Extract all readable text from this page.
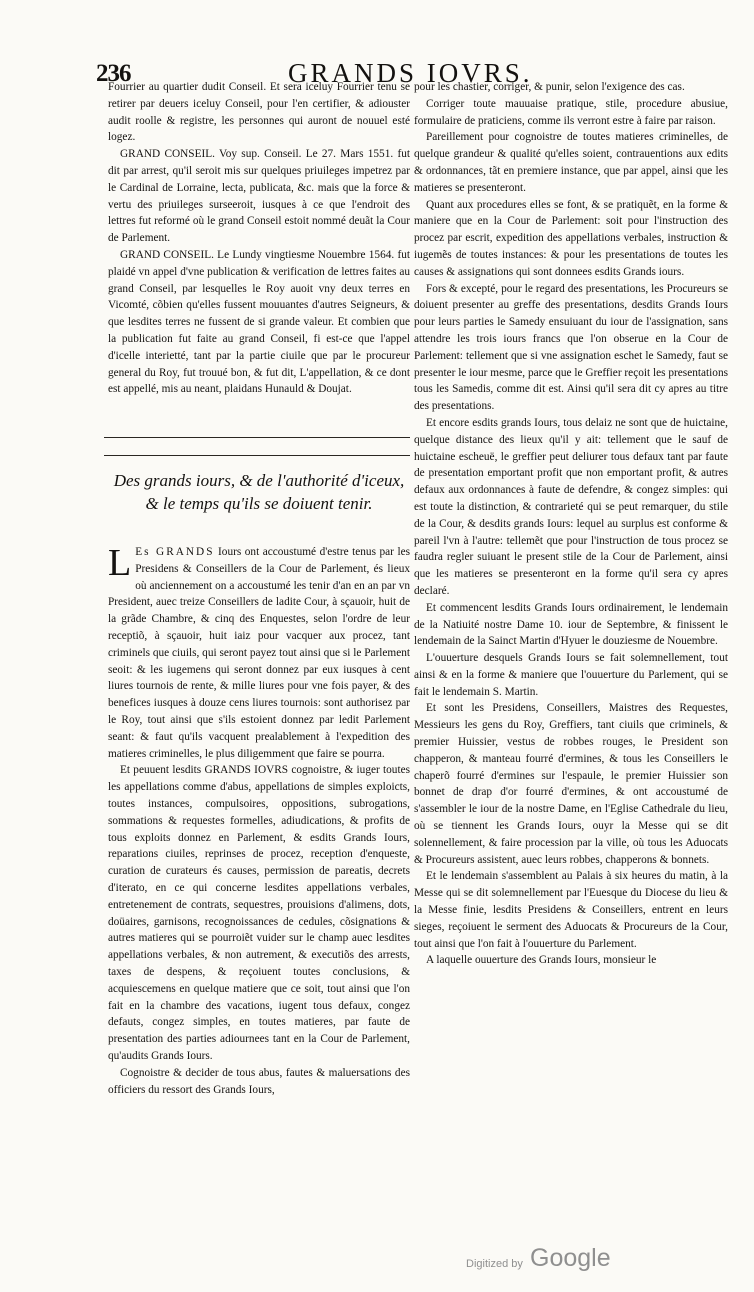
236	GRANDS IOVRS.

Fourrier au quartier dudit Conseil. Et sera iceluy Fourrier tenu se retirer par deuers iceluy Conseil, pour l'en certifier, & adiouster audit roolle & registre, les personnes qui auront de nouuel esté logez.

GRAND CONSEIL. Voy sup. Conseil. Le 27. Mars 1551. fut dit par arrest, qu'il seroit mis sur quelques priuileges impetrez par le Cardinal de Lorraine, lecta, publicata, &c. mais que la force & vertu des priuileges surseeroit, iusques à ce que l'endroit des lettres fut reformé où le grand Conseil estoit nommé deuãt la Cour de Parlement.

GRAND CONSEIL. Le Lundy vingtiesme Nouembre 1564. fut plaidé vn appel d'vne publication & verification de lettres faites au grand Conseil, par lesquelles le Roy auoit vny deux terres en Vicomté, cõbien qu'elles fussent mouuantes d'autres Seigneurs, & que lesdites terres ne fussent de si grande valeur. Et combien que la publication fut faite au grand Conseil, fi est-ce que l'appel d'icelle interietté, tant par la partie ciuile que par le procureur general du Roy, fut trouué bon, & fut dit, L'appellation, & ce dont est appellé, mis au neant, plaidans Hunauld & Doujat.

Des grands iours, & de l'authorité d'iceux, & le temps qu'ils se doiuent tenir.

L Es GRANDS Iours ont accoustumé d'estre tenus par les Presidens & Conseillers de la Cour de Parlement, és lieux où anciennement on a accoustumé les tenir d'an en an par vn President, auec treize Conseillers de ladite Cour, à sçauoir, huit de la grãde Chambre, & cinq des Enquestes, selon l'ordre de leur receptiõ, à sçauoir, huit iaiz pour vacquer aux procez, tant criminels que ciuils, qui seront payez tout ainsi que si le Parlement seoit: & les iugemens qui seront donnez par eux iusques à cent liures tournois de rente, & mille liures pour vne fois payer, & des benefices iusques à douze cens liures tournois: sont authorisez par le Roy, tout ainsi que s'ils estoient donnez par ledit Parlement seant: & faut qu'ils vacquent prealablement à l'expedition des matieres criminelles, le plus diligemment que faire se pourra.

Et peuuent lesdits GRANDS IOVRS cognoistre, & iuger toutes les appellations comme d'abus, appellations de simples exploicts, toutes instances, compulsoires, oppositions, subrogations, sommations & requestes formelles, adiudications, & profits de tous exploits donnez en Parlement, & esdits Grands Iours, reparations ciuiles, reprinses de procez, reception d'enqueste, curation de curateurs és causes, permission de pareatis, decrets d'iterato, en ce qui concerne lesdites appellations verbales, entretenement de contrats, sequestres, prouisions d'alimens, dots, doüaires, garnisons, recognoissances de cedules, cõsignations & autres matieres qui se pourroiẽt vuider sur le champ auec lesdites appellations verbales, & non autrement, & executiõs des arrests, taxes de despens, & reçoiuent toutes conclusions, & acquiescemens en quelque matiere que ce soit, tout ainsi que l'on fait en la chambre des vacations, iugent tous defaux, congez defauts, congez simples, en toutes matieres, par faute de presentation des parties adiournees tant en la Cour de Parlement, qu'audits Grands Iours.

Cognoistre & decider de tous abus, fautes & maluersations des officiers du ressort des Grands Iours,

pour les chastier, corriger, & punir, selon l'exigence des cas.

Corriger toute mauuaise pratique, stile, procedure abusiue, formulaire de praticiens, comme ils verront estre à faire par raison.

Pareillement pour cognoistre de toutes matieres criminelles, de quelque grandeur & qualité qu'elles soient, contrauentions aux edits & ordonnances, tãt en premiere instance, que par appel, ainsi que les matieres se presenteront.

Quant aux procedures elles se font, & se pratiquẽt, en la forme & maniere que en la Cour de Parlement: soit pour l'instruction des procez par escrit, expedition des appellations verbales, instruction & iugemẽs de toutes instances: & pour les presentations de toutes les causes & assignations qui sont donnees esdits Grands iours.

Fors & excepté, pour le regard des presentations, les Procureurs se doiuent presenter au greffe des presentations, desdits Grands Iours pour leurs parties le Samedy ensuiuant du iour de l'assignation, sans attendre les trois iours francs que l'on obserue en la Cour de Parlement: tellement que si vne assignation eschet le Samedy, faut se presenter le iour mesme, parce que le Greffier reçoit les presentations tous les Samedis, comme dit est. Ainsi qu'il sera dit cy apres au titre des presentations.

Et encore esdits grands Iours, tous delaiz ne sont que de huictaine, quelque distance des lieux qu'il y ait: tellement que le sauf de huictaine escheuë, le greffier peut deliurer tous defaux tant par faute de presentation emportant profit que non emportant profit, & autres defaux aux ordonnances à faute de defendre, & congez simples: qui est toute la distinction, & contrarieté qui se peut remarquer, du stile de la Cour, & desdits grands Iours: lequel au surplus est conforme & pareil l'vn à l'autre: tellemẽt que pour l'instruction de tous procez se faudra regler suiuant le present stile de la Cour de Parlement, ainsi que les matieres se presenteront en la forme qu'il sera cy apres declaré.

Et commencent lesdits Grands Iours ordinairement, le lendemain de la Natiuité nostre Dame 10. iour de Septembre, & finissent le lendemain de la Sainct Martin d'Hyuer le douziesme de Nouembre.

L'ouuerture desquels Grands Iours se fait solemnellement, tout ainsi & en la forme & maniere que l'ouuerture du Parlement, qui se fait le lendemain S. Martin.

Et sont les Presidens, Conseillers, Maistres des Requestes, Messieurs les gens du Roy, Greffiers, tant ciuils que criminels, & premier Huissier, vestus de robbes rouges, le President son chapperon, & manteau fourré d'ermines, & tous les Conseillers le chaperõ fourré d'ermines sur l'espaule, le premier Huissier son bonnet de drap d'or fourré d'ermines, & ont accoustumé de s'assembler le iour de la nostre Dame, en l'Eglise Cathedrale du lieu, où se tiennent les Grands Iours, ouyr la Messe qui se dit solennellement, & faire procession par la ville, où tous les Aduocats & Procureurs assistent, auec leurs robbes, chapperons & bonnets.

Et le lendemain s'assemblent au Palais à six heures du matin, à la Messe qui se dit solemnellement par l'Euesque du Diocese du lieu & la Messe finie, lesdits Presidens & Conseillers, entrent en leurs sieges, reçoiuent le serment des Aduocats & Procureurs de la Cour, tout ainsi que l'on fait à l'ouuerture du Parlement.

A laquelle ouuerture des Grands Iours, monsieur le

Digitized by Google
